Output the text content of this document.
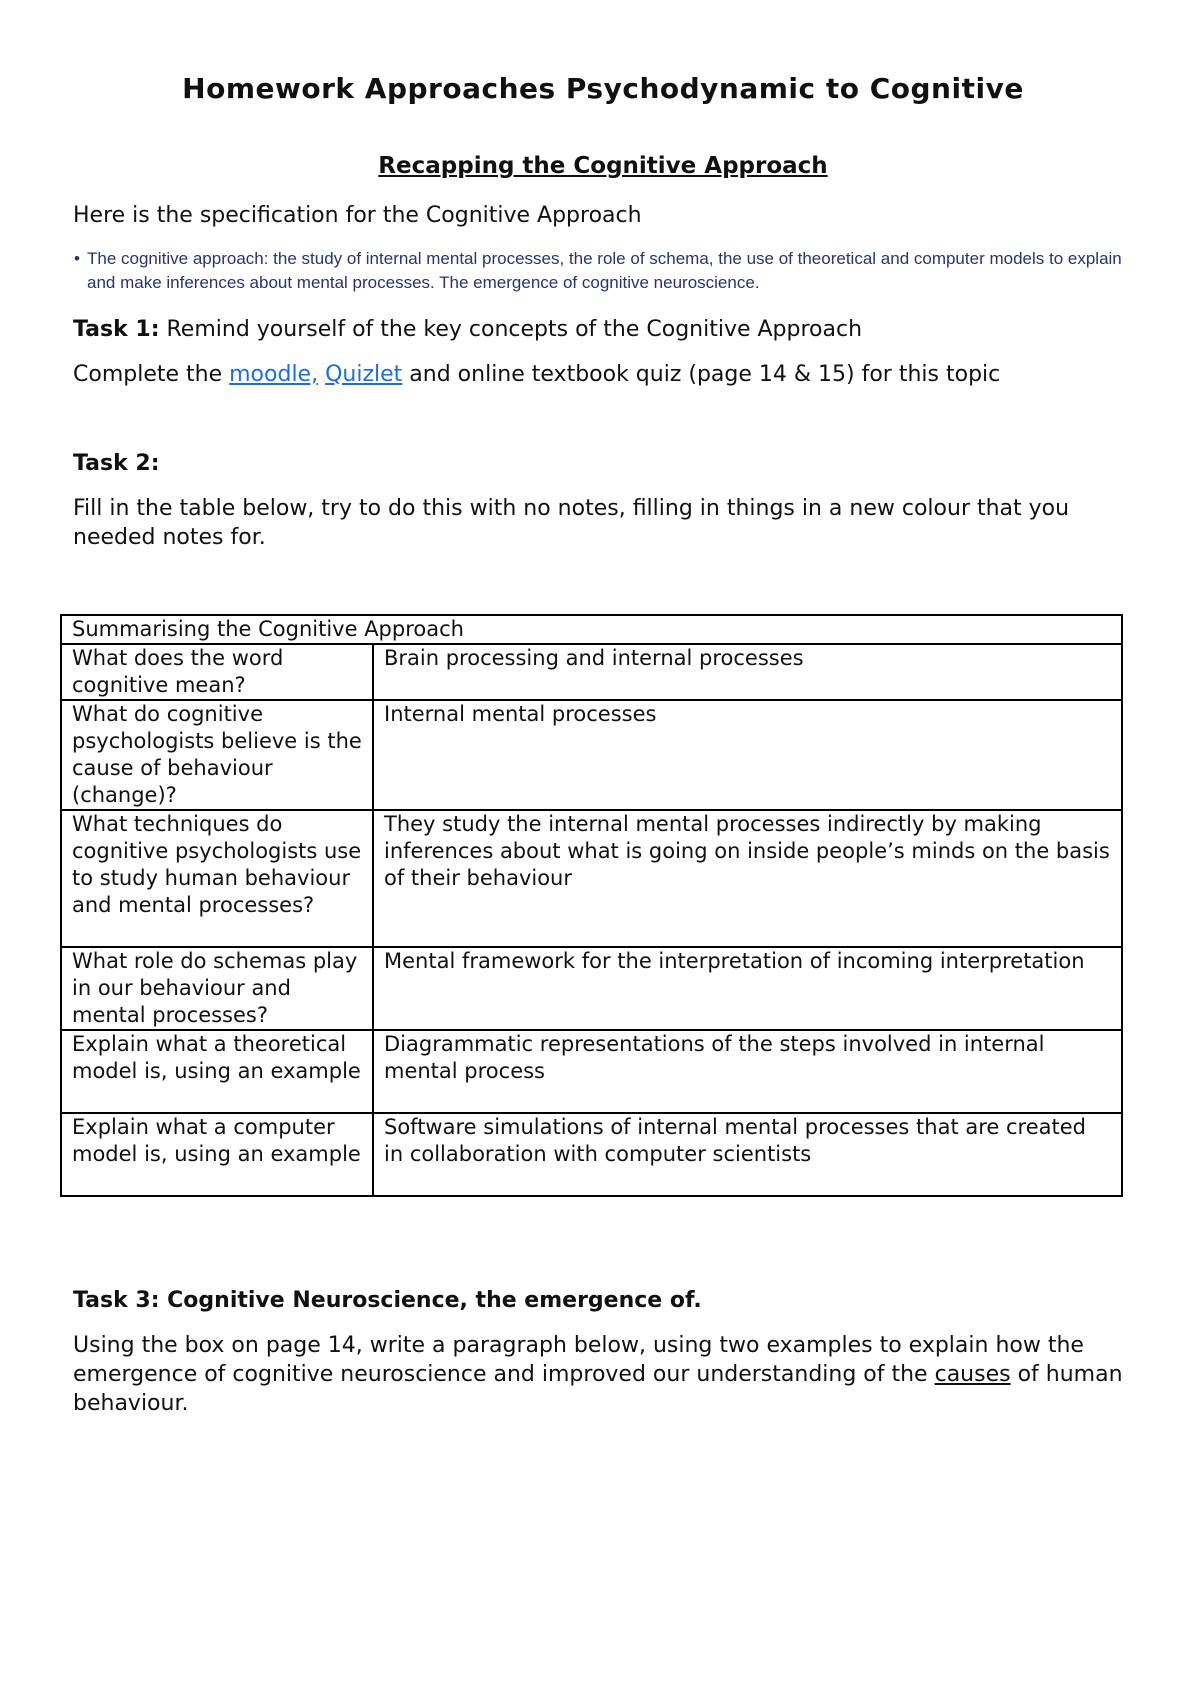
Homework Approaches Psychodynamic to Cognitive
Recapping the Cognitive Approach
Here is the specification for the Cognitive Approach
• The cognitive approach: the study of internal mental processes, the role of schema, the use of theoretical and computer models to explain and make inferences about mental processes. The emergence of cognitive neuroscience.
Task 1: Remind yourself of the key concepts of the Cognitive Approach
Complete the moodle, Quizlet and online textbook quiz (page 14 & 15) for this topic
Task 2:
Fill in the table below, try to do this with no notes, filling in things in a new colour that you needed notes for.
Summarising the Cognitive Approach	
What does the word cognitive mean?	Brain processing and internal processes
What do cognitive psychologists believe is the cause of behaviour (change)?	Internal mental processes
What techniques do cognitive psychologists use to study human behaviour and mental processes?	They study the internal mental processes indirectly by making inferences about what is going on inside people’s minds on the basis of their behaviour
What role do schemas play in our behaviour and mental processes?	Mental framework for the interpretation of incoming interpretation
Explain what a theoretical model is, using an example	Diagrammatic representations of the steps involved in internal mental process
Explain what a computer model is, using an example	Software simulations of internal mental processes that are created in collaboration with computer scientists
Task 3: Cognitive Neuroscience, the emergence of.
Using the box on page 14, write a paragraph below, using two examples to explain how the emergence of cognitive neuroscience and improved our understanding of the causes of human behaviour.
